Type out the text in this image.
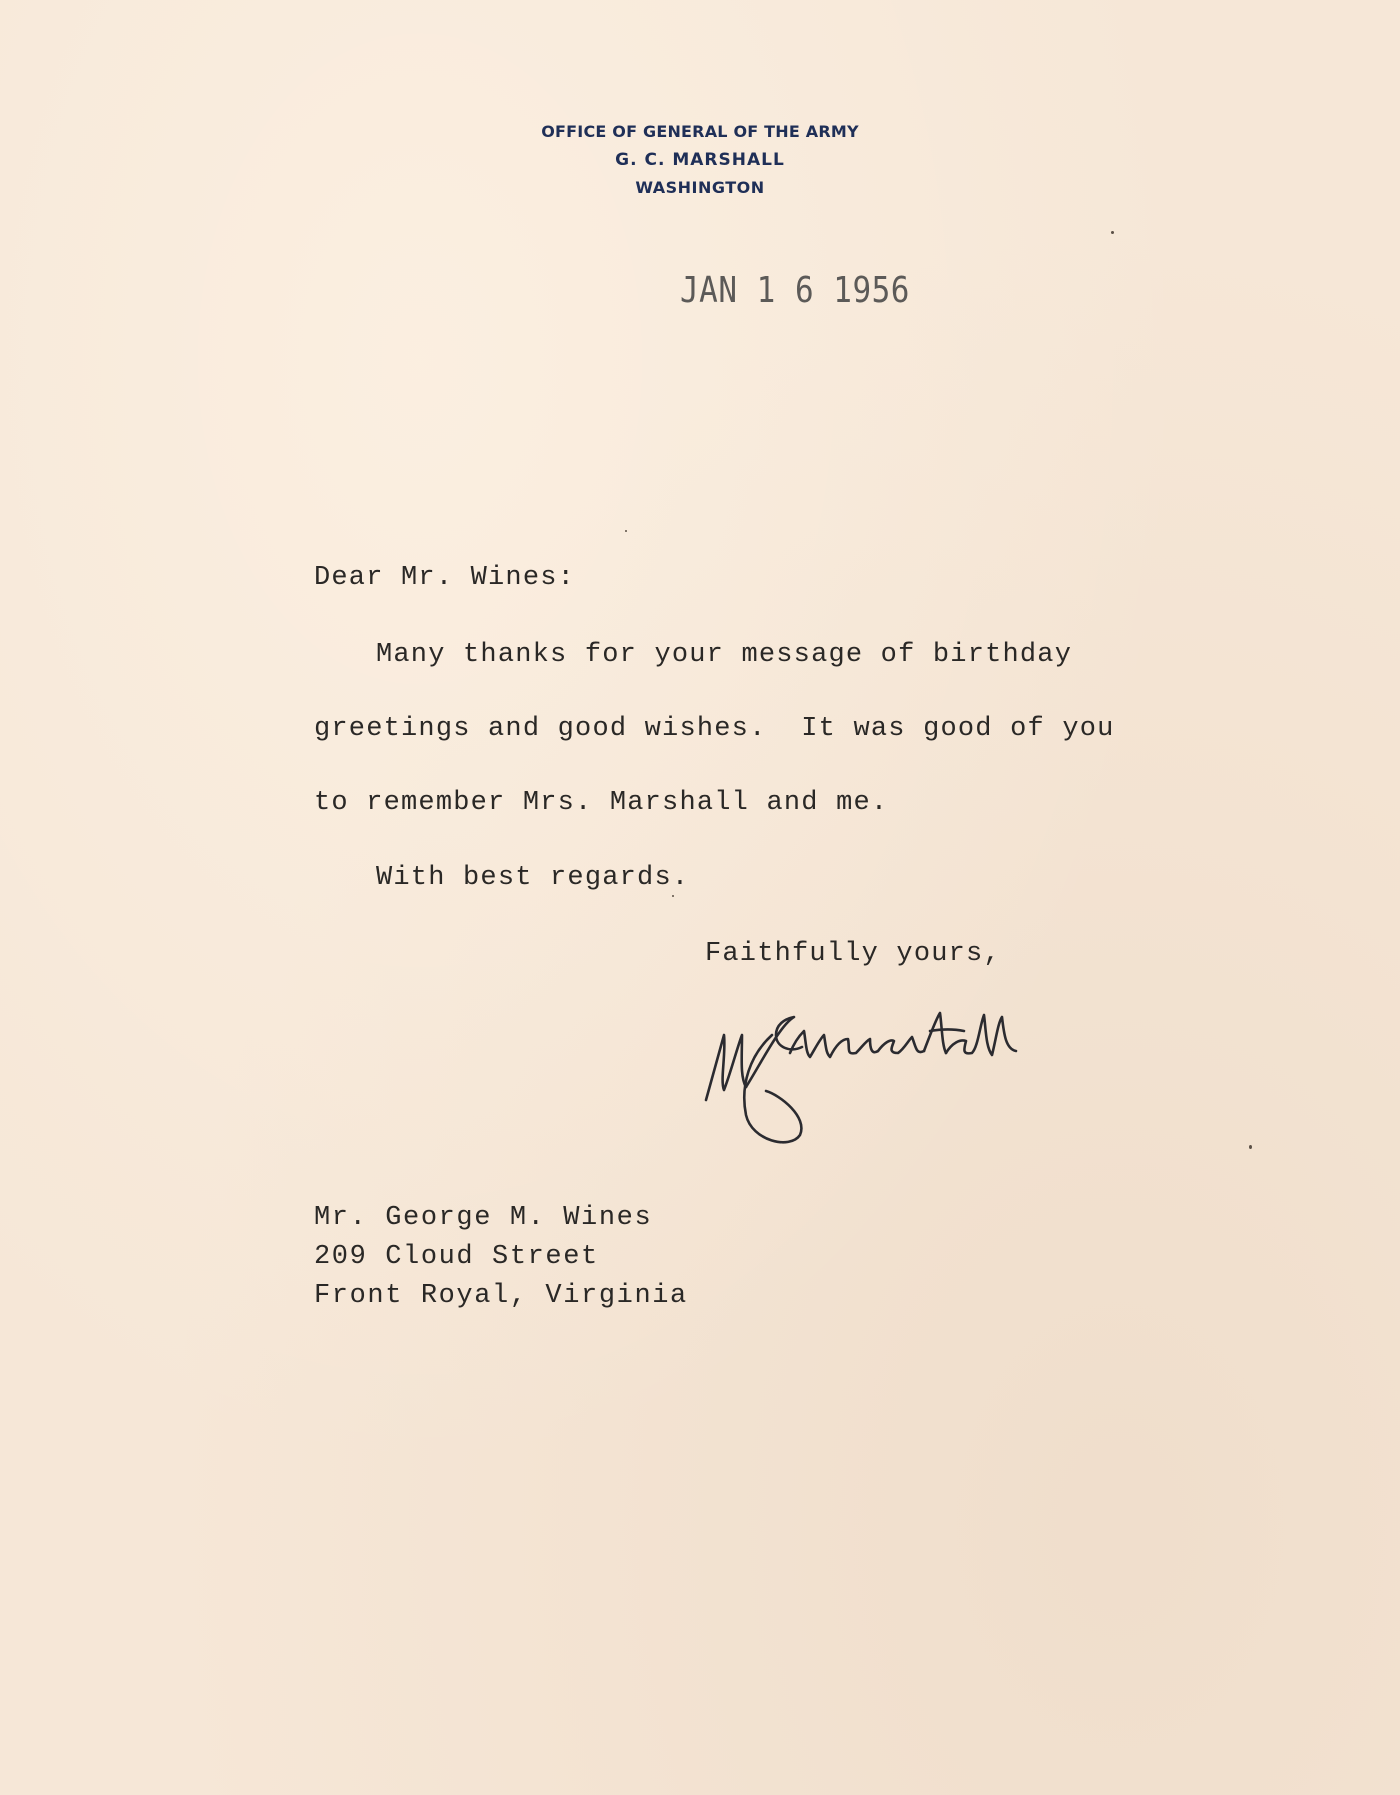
OFFICE OF GENERAL OF THE ARMY
G. C. MARSHALL
WASHINGTON
JAN 1 6 1956
Dear Mr. Wines:
Many thanks for your message of birthday
greetings and good wishes.  It was good of you
to remember Mrs. Marshall and me.
With best regards.
Faithfully yours,
Mr. George M. Wines
209 Cloud Street
Front Royal, Virginia
